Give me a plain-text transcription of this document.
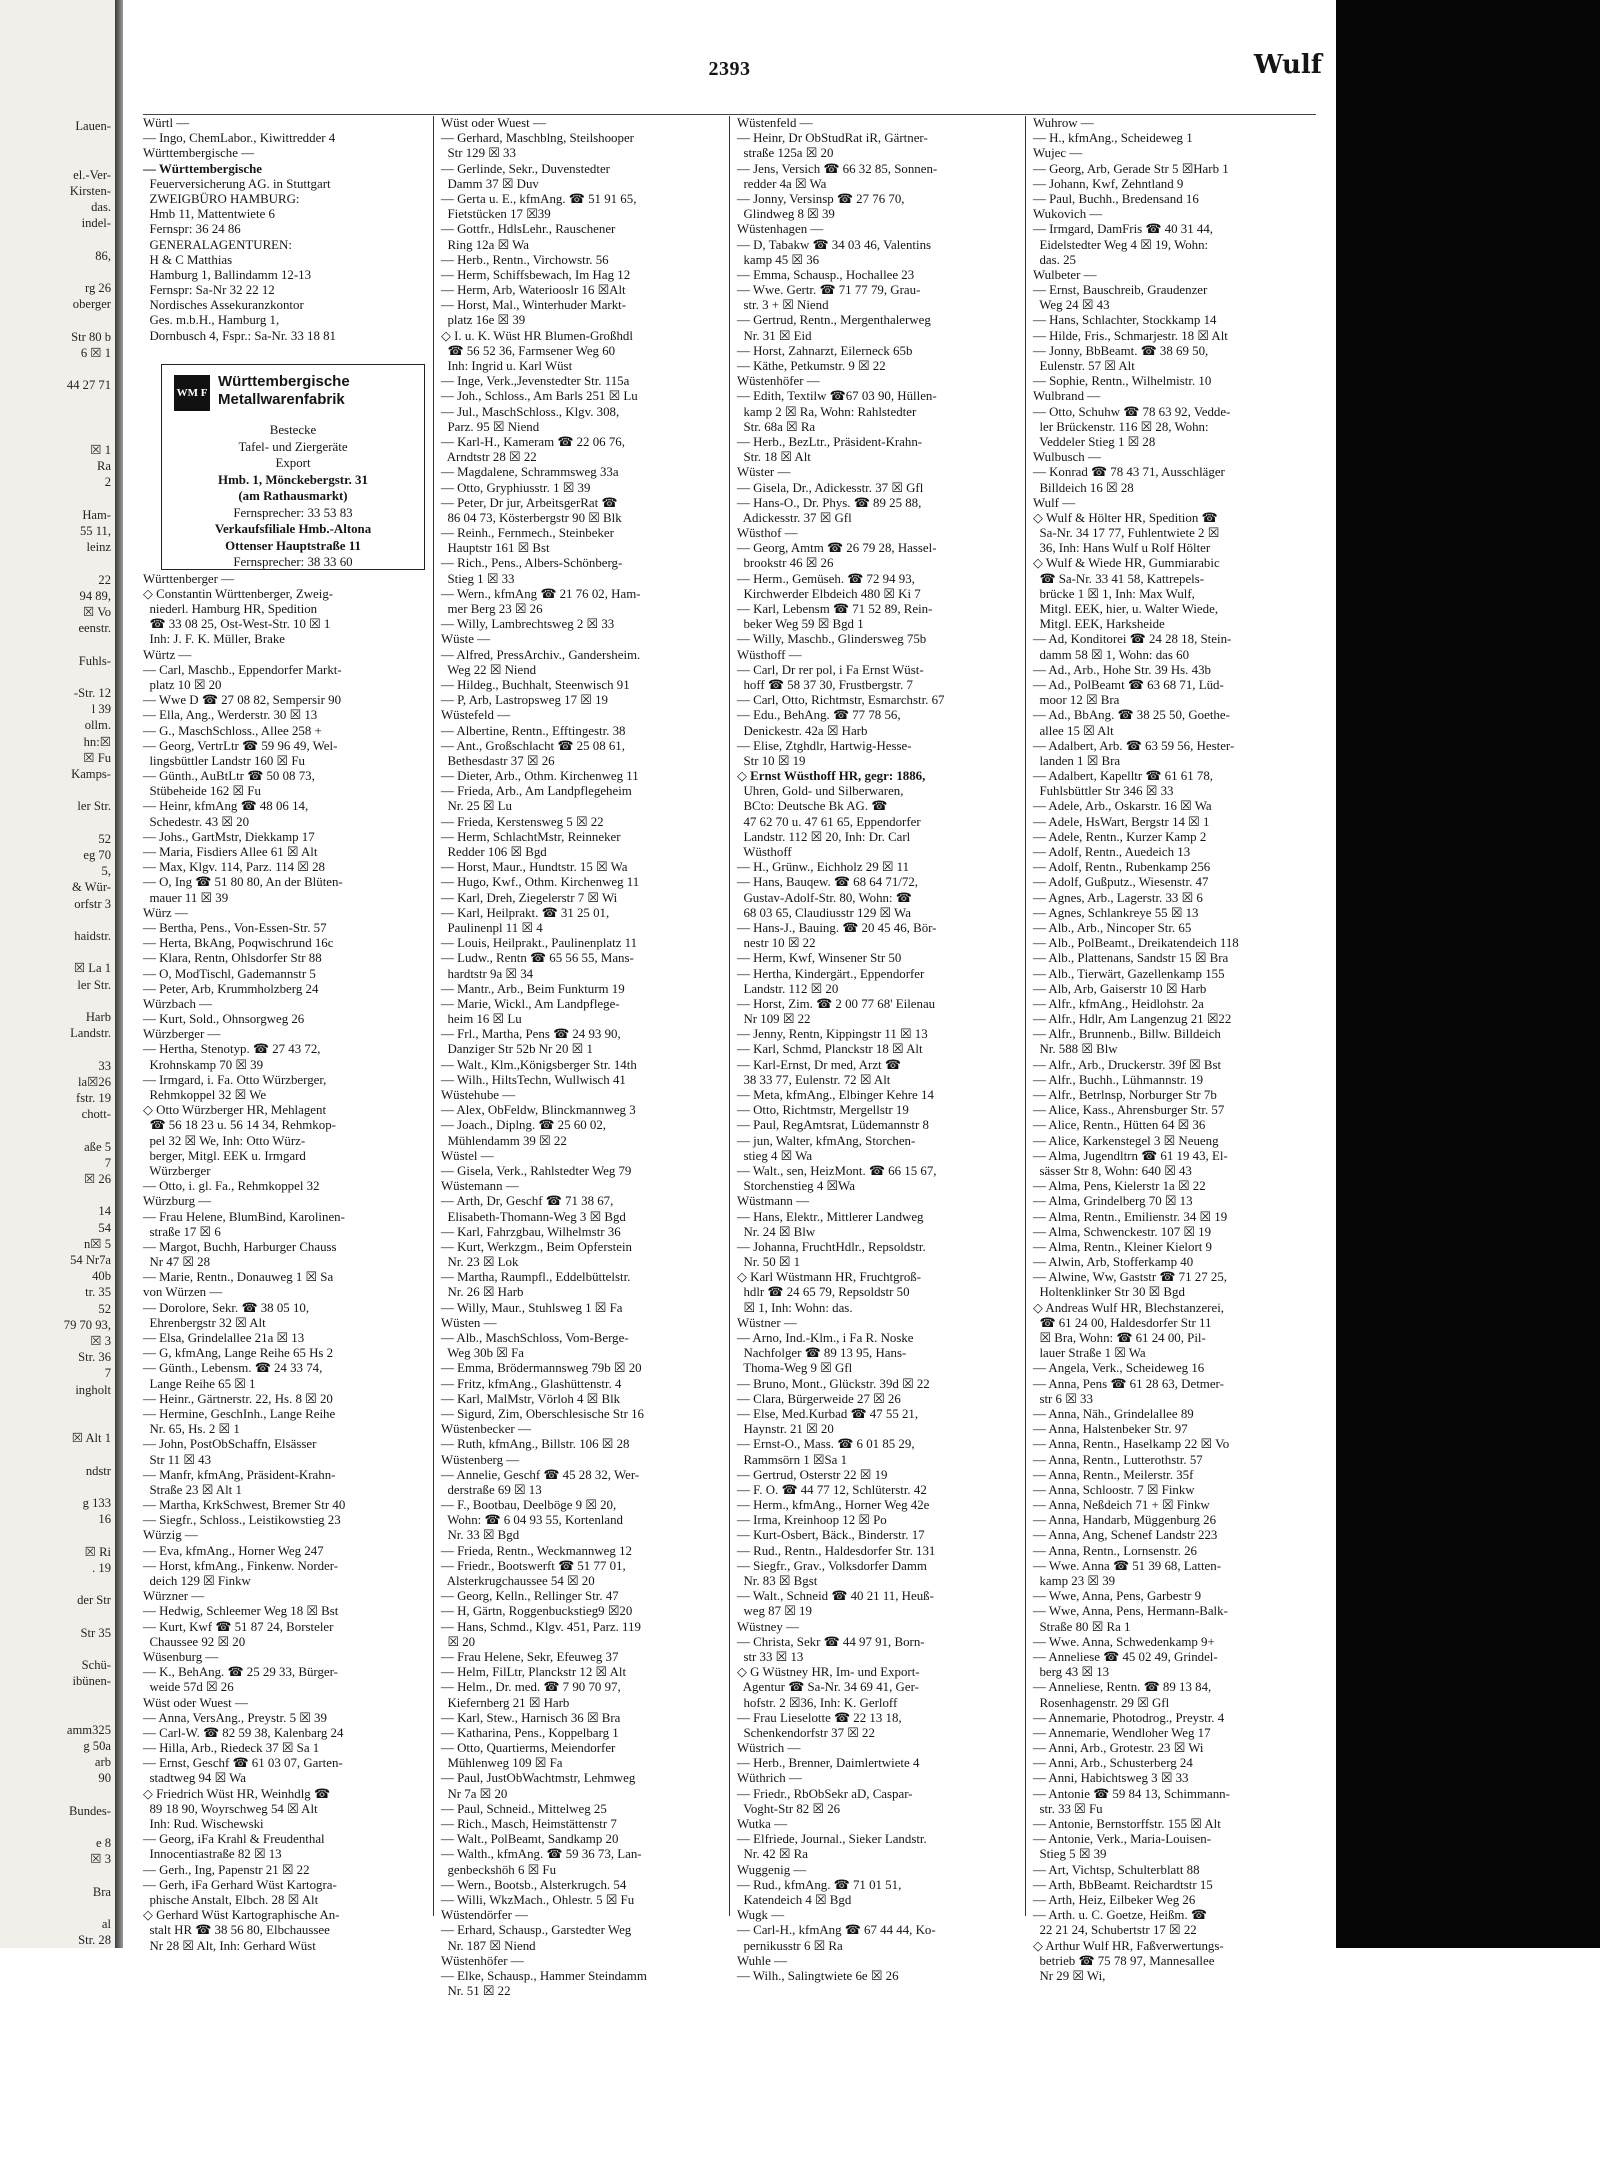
Lauen-
el.-Ver-
Kirsten-
das.
indel-
86,
rg 26
oberger
Str 80 b
6 ☒ 1
44 27 71
☒ 1
Ra
2
Ham-
55 11,
leinz
22
94 89,
☒ Vo
eenstr.
Fuhls-
-Str. 12
l 39
ollm.
hn:☒
☒ Fu
Kamps-
ler Str.
52
eg 70
5,
& Wür-
orfstr 3
haidstr.
☒ La 1
ler Str.
Harb
Landstr.
33
la☒26
fstr. 19
chott-
aße 5
7
☒ 26
14
54
n☒ 5
54 Nr7a
40b
tr. 35
52
79 70 93,
☒ 3
Str. 36
7
ingholt
☒ Alt 1
ndstr
g 133
16
☒ Ri
. 19
der Str
Str 35
Schü-
ibünen-
amm325
g 50a
arb
90
Bundes-
e 8
☒ 3
Bra
al
Str. 28
2393	Wulf
Würtl —
— Ingo, ChemLabor., Kiwittredder 4
Württembergische —
— Württembergische
Feuerversicherung AG. in Stuttgart
ZWEIGBÜRO HAMBURG:
Hmb 11, Mattentwiete 6
Fernspr: 36 24 86
GENERALAGENTUREN:
H & C Matthias
Hamburg 1, Ballindamm 12-13
Fernspr: Sa-Nr 32 22 12
Nordisches Assekuranzkontor
Ges. m.b.H., Hamburg 1,
Dornbusch 4, Fspr.: Sa-Nr. 33 18 81
Württenberger —
◇ Constantin Württenberger, Zweig-
niederl. Hamburg HR, Spedition
☎ 33 08 25, Ost-West-Str. 10 ☒ 1
Inh: J. F. K. Müller, Brake
Würtz —
— Carl, Maschb., Eppendorfer Markt-
platz 10 ☒ 20
— Wwe D ☎ 27 08 82, Sempersir 90
— Ella, Ang., Werderstr. 30 ☒ 13
— G., MaschSchloss., Allee 258 +
— Georg, VertrLtr ☎ 59 96 49, Wel-
lingsbüttler Landstr 160 ☒ Fu
— Günth., AuBtLtr ☎ 50 08 73,
Stübeheide 162 ☒ Fu
— Heinr, kfmAng ☎ 48 06 14,
Schedestr. 43 ☒ 20
— Johs., GartMstr, Diekkamp 17
— Maria, Fisdiers Allee 61 ☒ Alt
— Max, Klgv. 114, Parz. 114 ☒ 28
— O, Ing ☎ 51 80 80, An der Blüten-
mauer 11 ☒ 39
Würz —
— Bertha, Pens., Von-Essen-Str. 57
— Herta, BkAng, Poqwischrund 16c
— Klara, Rentn, Ohlsdorfer Str 88
— O, ModTischl, Gademannstr 5
— Peter, Arb, Krummholzberg 24
Würzbach —
— Kurt, Sold., Ohnsorgweg 26
Würzberger —
— Hertha, Stenotyp. ☎ 27 43 72,
Krohnskamp 70 ☒ 39
— Irmgard, i. Fa. Otto Würzberger,
Rehmkoppel 32 ☒ We
◇ Otto Würzberger HR, Mehlagent
☎ 56 18 23 u. 56 14 34, Rehmkop-
pel 32 ☒ We, Inh: Otto Würz-
berger, Mitgl. EEK u. Irmgard
Würzberger
— Otto, i. gl. Fa., Rehmkoppel 32
Würzburg —
— Frau Helene, BlumBind, Karolinen-
straße 17 ☒ 6
— Margot, Buchh, Harburger Chauss
Nr 47 ☒ 28
— Marie, Rentn., Donauweg 1 ☒ Sa
von Würzen —
— Dorolore, Sekr. ☎ 38 05 10,
Ehrenbergstr 32 ☒ Alt
— Elsa, Grindelallee 21a ☒ 13
— G, kfmAng, Lange Reihe 65 Hs 2
— Günth., Lebensm. ☎ 24 33 74,
Lange Reihe 65 ☒ 1
— Heinr., Gärtnerstr. 22, Hs. 8 ☒ 20
— Hermine, GeschInh., Lange Reihe
Nr. 65, Hs. 2 ☒ 1
— John, PostObSchaffn, Elsässer
Str 11 ☒ 43
— Manfr, kfmAng, Präsident-Krahn-
Straße 23 ☒ Alt 1
— Martha, KrkSchwest, Bremer Str 40
— Siegfr., Schloss., Leistikowstieg 23
Würzig —
— Eva, kfmAng., Horner Weg 247
— Horst, kfmAng., Finkenw. Norder-
deich 129 ☒ Finkw
Würzner —
— Hedwig, Schleemer Weg 18 ☒ Bst
— Kurt, Kwf ☎ 51 87 24, Borsteler
Chaussee 92 ☒ 20
Wüsenburg —
— K., BehAng. ☎ 25 29 33, Bürger-
weide 57d ☒ 26
Wüst oder Wuest —
— Anna, VersAng., Preystr. 5 ☒ 39
— Carl-W. ☎ 82 59 38, Kalenbarg 24
— Hilla, Arb., Riedeck 37 ☒ Sa 1
— Ernst, Geschf ☎ 61 03 07, Garten-
stadtweg 94 ☒ Wa
◇ Friedrich Wüst HR, Weinhdlg ☎
89 18 90, Woyrschweg 54 ☒ Alt
Inh: Rud. Wischewski
— Georg, iFa Krahl & Freudenthal
Innocentiastraße 82 ☒ 13
— Gerh., Ing, Papenstr 21 ☒ 22
— Gerh, iFa Gerhard Wüst Kartogra-
phische Anstalt, Elbch. 28 ☒ Alt
◇ Gerhard Wüst Kartographische An-
stalt HR ☎ 38 56 80, Elbchaussee
Nr 28 ☒ Alt, Inh: Gerhard Wüst
Wüst oder Wuest —
— Gerhard, Maschblng, Steilshooper
Str 129 ☒ 33
— Gerlinde, Sekr., Duvenstedter
Damm 37 ☒ Duv
— Gerta u. E., kfmAng. ☎ 51 91 65,
Fietstücken 17 ☒39
— Gottfr., HdlsLehr., Rauschener
Ring 12a ☒ Wa
— Herb., Rentn., Virchowstr. 56
— Herm, Schiffsbewach, Im Hag 12
— Herm, Arb, Wateriooslr 16 ☒Alt
— Horst, Mal., Winterhuder Markt-
platz 16e ☒ 39
◇ I. u. K. Wüst HR Blumen-Großhdl
☎ 56 52 36, Farmsener Weg 60
Inh: Ingrid u. Karl Wüst
— Inge, Verk.,Jevenstedter Str. 115a
— Joh., Schloss., Am Barls 251 ☒ Lu
— Jul., MaschSchloss., Klgv. 308,
Parz. 95 ☒ Niend
— Karl-H., Kameram ☎ 22 06 76,
Arndtstr 28 ☒ 22
— Magdalene, Schrammsweg 33a
— Otto, Gryphiusstr. 1 ☒ 39
— Peter, Dr jur, ArbeitsgerRat ☎
86 04 73, Kösterbergstr 90 ☒ Blk
— Reinh., Fernmech., Steinbeker
Hauptstr 161 ☒ Bst
— Rich., Pens., Albers-Schönberg-
Stieg 1 ☒ 33
— Wern., kfmAng ☎ 21 76 02, Ham-
mer Berg 23 ☒ 26
— Willy, Lambrechtsweg 2 ☒ 33
Wüste —
— Alfred, PressArchiv., Gandersheim.
Weg 22 ☒ Niend
— Hildeg., Buchhalt, Steenwisch 91
— P, Arb, Lastropsweg 17 ☒ 19
Wüstefeld —
— Albertine, Rentn., Efftingestr. 38
— Ant., Großschlacht ☎ 25 08 61,
Bethesdastr 37 ☒ 26
— Dieter, Arb., Othm. Kirchenweg 11
— Frieda, Arb., Am Landpflegeheim
Nr. 25 ☒ Lu
— Frieda, Kerstensweg 5 ☒ 22
— Herm, SchlachtMstr, Reinneker
Redder 106 ☒ Bgd
— Horst, Maur., Hundtstr. 15 ☒ Wa
— Hugo, Kwf., Othm. Kirchenweg 11
— Karl, Dreh, Ziegelerstr 7 ☒ Wi
— Karl, Heilprakt. ☎ 31 25 01,
Paulinenpl 11 ☒ 4
— Louis, Heilprakt., Paulinenplatz 11
— Ludw., Rentn ☎ 65 56 55, Mans-
hardtstr 9a ☒ 34
— Mantr., Arb., Beim Funkturm 19
— Marie, Wickl., Am Landpflege-
heim 16 ☒ Lu
— Frl., Martha, Pens ☎ 24 93 90,
Danziger Str 52b Nr 20 ☒ 1
— Walt., Klm.,Königsberger Str. 14th
— Wilh., HiltsTechn, Wullwisch 41
Wüstehube —
— Alex, ObFeldw, Blinckmannweg 3
— Joach., Diplng. ☎ 25 60 02,
Mühlendamm 39 ☒ 22
Wüstel —
— Gisela, Verk., Rahlstedter Weg 79
Wüstemann —
— Arth, Dr, Geschf ☎ 71 38 67,
Elisabeth-Thomann-Weg 3 ☒ Bgd
— Karl, Fahrzgbau, Wilhelmstr 36
— Kurt, Werkzgm., Beim Opferstein
Nr. 23 ☒ Lok
— Martha, Raumpfl., Eddelbüttelstr.
Nr. 26 ☒ Harb
— Willy, Maur., Stuhlsweg 1 ☒ Fa
Wüsten —
— Alb., MaschSchloss, Vom-Berge-
Weg 30b ☒ Fa
— Emma, Brödermannsweg 79b ☒ 20
— Fritz, kfmAng., Glashüttenstr. 4
— Karl, MalMstr, Vörloh 4 ☒ Blk
— Sigurd, Zim, Oberschlesische Str 16
Wüstenbecker —
— Ruth, kfmAng., Billstr. 106 ☒ 28
Wüstenberg —
— Annelie, Geschf ☎ 45 28 32, Wer-
derstraße 69 ☒ 13
— F., Bootbau, Deelböge 9 ☒ 20,
Wohn: ☎ 6 04 93 55, Kortenland
Nr. 33 ☒ Bgd
— Frieda, Rentn., Weckmannweg 12
— Friedr., Bootswerft ☎ 51 77 01,
Alsterkrugchaussee 54 ☒ 20
— Georg, Kelln., Rellinger Str. 47
— H, Gärtn, Roggenbuckstieg9 ☒20
— Hans, Schmd., Klgv. 451, Parz. 119
☒ 20
— Frau Helene, Sekr, Efeuweg 37
— Helm, FilLtr, Planckstr 12 ☒ Alt
— Helm., Dr. med. ☎ 7 90 70 97,
Kiefernberg 21 ☒ Harb
— Karl, Stew., Harnisch 36 ☒ Bra
— Katharina, Pens., Koppelbarg 1
— Otto, Quartierms, Meiendorfer
Mühlenweg 109 ☒ Fa
— Paul, JustObWachtmstr, Lehmweg
Nr 7a ☒ 20
— Paul, Schneid., Mittelweg 25
— Rich., Masch, Heimstättenstr 7
— Walt., PolBeamt, Sandkamp 20
— Walth., kfmAng. ☎ 59 36 73, Lan-
genbeckshöh 6 ☒ Fu
— Wern., Bootsb., Alsterkrugch. 54
— Willi, WkzMach., Ohlestr. 5 ☒ Fu
Wüstendörfer —
— Erhard, Schausp., Garstedter Weg
Nr. 187 ☒ Niend
Wüstenhöfer —
— Elke, Schausp., Hammer Steindamm
Nr. 51 ☒ 22
Wüstenfeld —
— Heinr, Dr ObStudRat iR, Gärtner-
straße 125a ☒ 20
— Jens, Versich ☎ 66 32 85, Sonnen-
redder 4a ☒ Wa
— Jonny, Versinsp ☎ 27 76 70,
Glindweg 8 ☒ 39
Wüstenhagen —
— D, Tabakw ☎ 34 03 46, Valentins
kamp 45 ☒ 36
— Emma, Schausp., Hochallee 23
— Wwe. Gertr. ☎ 71 77 79, Grau-
str. 3 + ☒ Niend
— Gertrud, Rentn., Mergenthalerweg
Nr. 31 ☒ Eid
— Horst, Zahnarzt, Eilerneck 65b
— Käthe, Petkumstr. 9 ☒ 22
Wüstenhöfer —
— Edith, Textilw ☎67 03 90, Hüllen-
kamp 2 ☒ Ra, Wohn: Rahlstedter
Str. 68a ☒ Ra
— Herb., BezLtr., Präsident-Krahn-
Str. 18 ☒ Alt
Wüster —
— Gisela, Dr., Adickesstr. 37 ☒ Gfl
— Hans-O., Dr. Phys. ☎ 89 25 88,
Adickesstr. 37 ☒ Gfl
Wüsthof —
— Georg, Amtm ☎ 26 79 28, Hassel-
brookstr 46 ☒ 26
— Herm., Gemüseh. ☎ 72 94 93,
Kirchwerder Elbdeich 480 ☒ Ki 7
— Karl, Lebensm ☎ 71 52 89, Rein-
beker Weg 59 ☒ Bgd 1
— Willy, Maschb., Glindersweg 75b
Wüsthoff —
— Carl, Dr rer pol, i Fa Ernst Wüst-
hoff ☎ 58 37 30, Frustbergstr. 7
— Carl, Otto, Richtmstr, Esmarchstr. 67
— Edu., BehAng. ☎ 77 78 56,
Denickestr. 42a ☒ Harb
— Elise, Ztghdlr, Hartwig-Hesse-
Str 10 ☒ 19
◇ Ernst Wüsthoff HR, gegr: 1886,
Uhren, Gold- und Silberwaren,
BCto: Deutsche Bk AG. ☎
47 62 70 u. 47 61 65, Eppendorfer
Landstr. 112 ☒ 20, Inh: Dr. Carl
Wüsthoff
— H., Grünw., Eichholz 29 ☒ 11
— Hans, Bauqew. ☎ 68 64 71/72,
Gustav-Adolf-Str. 80, Wohn: ☎
68 03 65, Claudiusstr 129 ☒ Wa
— Hans-J., Bauing. ☎ 20 45 46, Bör-
nestr 10 ☒ 22
— Herm, Kwf, Winsener Str 50
— Hertha, Kindergärt., Eppendorfer
Landstr. 112 ☒ 20
— Horst, Zim. ☎ 2 00 77 68' Eilenau
Nr 109 ☒ 22
— Jenny, Rentn, Kippingstr 11 ☒ 13
— Karl, Schmd, Planckstr 18 ☒ Alt
— Karl-Ernst, Dr med, Arzt ☎
38 33 77, Eulenstr. 72 ☒ Alt
— Meta, kfmAng., Elbinger Kehre 14
— Otto, Richtmstr, Mergellstr 19
— Paul, RegAmtsrat, Lüdemannstr 8
— jun, Walter, kfmAng, Storchen-
stieg 4 ☒ Wa
— Walt., sen, HeizMont. ☎ 66 15 67,
Storchenstieg 4 ☒Wa
Wüstmann —
— Hans, Elektr., Mittlerer Landweg
Nr. 24 ☒ Blw
— Johanna, FruchtHdlr., Repsoldstr.
Nr. 50 ☒ 1
◇ Karl Wüstmann HR, Fruchtgroß-
hdlr ☎ 24 65 79, Repsoldstr 50
☒ 1, Inh: Wohn: das.
Wüstner —
— Arno, Ind.-Klm., i Fa R. Noske
Nachfolger ☎ 89 13 95, Hans-
Thoma-Weg 9 ☒ Gfl
— Bruno, Mont., Glückstr. 39d ☒ 22
— Clara, Bürgerweide 27 ☒ 26
— Else, Med.Kurbad ☎ 47 55 21,
Haynstr. 21 ☒ 20
— Ernst-O., Mass. ☎ 6 01 85 29,
Rammsörn 1 ☒Sa 1
— Gertrud, Osterstr 22 ☒ 19
— F. O. ☎ 44 77 12, Schlüterstr. 42
— Herm., kfmAng., Horner Weg 42e
— Irma, Kreinhoop 12 ☒ Po
— Kurt-Osbert, Bäck., Binderstr. 17
— Rud., Rentn., Haldesdorfer Str. 131
— Siegfr., Grav., Volksdorfer Damm
Nr. 83 ☒ Bgst
— Walt., Schneid ☎ 40 21 11, Heuß-
weg 87 ☒ 19
Wüstney —
— Christa, Sekr ☎ 44 97 91, Born-
str 33 ☒ 13
◇ G Wüstney HR, Im- und Export-
Agentur ☎ Sa-Nr. 34 69 41, Ger-
hofstr. 2 ☒36, Inh: K. Gerloff
— Frau Lieselotte ☎ 22 13 18,
Schenkendorfstr 37 ☒ 22
Wüstrich —
— Herb., Brenner, Daimlertwiete 4
Wüthrich —
— Friedr., RbObSekr aD, Caspar-
Voght-Str 82 ☒ 26
Wutka —
— Elfriede, Journal., Sieker Landstr.
Nr. 42 ☒ Ra
Wuggenig —
— Rud., kfmAng. ☎ 71 01 51,
Katendeich 4 ☒ Bgd
Wugk —
— Carl-H., kfmAng ☎ 67 44 44, Ko-
pernikusstr 6 ☒ Ra
Wuhle —
— Wilh., Salingtwiete 6e ☒ 26
Wuhrow —
— H., kfmAng., Scheideweg 1
Wujec —
— Georg, Arb, Gerade Str 5 ☒Harb 1
— Johann, Kwf, Zehntland 9
— Paul, Buchh., Bredensand 16
Wukovich —
— Irmgard, DamFris ☎ 40 31 44,
Eidelstedter Weg 4 ☒ 19, Wohn:
das. 25
Wulbeter —
— Ernst, Bauschreib, Graudenzer
Weg 24 ☒ 43
— Hans, Schlachter, Stockkamp 14
— Hilde, Fris., Schmarjestr. 18 ☒ Alt
— Jonny, BbBeamt. ☎ 38 69 50,
Eulenstr. 57 ☒ Alt
— Sophie, Rentn., Wilhelmistr. 10
Wulbrand —
— Otto, Schuhw ☎ 78 63 92, Vedde-
ler Brückenstr. 116 ☒ 28, Wohn:
Veddeler Stieg 1 ☒ 28
Wulbusch —
— Konrad ☎ 78 43 71, Ausschläger
Billdeich 16 ☒ 28
Wulf —
◇ Wulf & Hölter HR, Spedition ☎
Sa-Nr. 34 17 77, Fuhlentwiete 2 ☒
36, Inh: Hans Wulf u Rolf Hölter
◇ Wulf & Wiede HR, Gummiarabic
☎ Sa-Nr. 33 41 58, Kattrepels-
brücke 1 ☒ 1, Inh: Max Wulf,
Mitgl. EEK, hier, u. Walter Wiede,
Mitgl. EEK, Harksheide
— Ad, Konditorei ☎ 24 28 18, Stein-
damm 58 ☒ 1, Wohn: das 60
— Ad., Arb., Hohe Str. 39 Hs. 43b
— Ad., PolBeamt ☎ 63 68 71, Lüd-
moor 12 ☒ Bra
— Ad., BbAng. ☎ 38 25 50, Goethe-
allee 15 ☒ Alt
— Adalbert, Arb. ☎ 63 59 56, Hester-
landen 1 ☒ Bra
— Adalbert, Kapelltr ☎ 61 61 78,
Fuhlsbüttler Str 346 ☒ 33
— Adele, Arb., Oskarstr. 16 ☒ Wa
— Adele, HsWart, Bergstr 14 ☒ 1
— Adele, Rentn., Kurzer Kamp 2
— Adolf, Rentn., Auedeich 13
— Adolf, Rentn., Rubenkamp 256
— Adolf, Gußputz., Wiesenstr. 47
— Agnes, Arb., Lagerstr. 33 ☒ 6
— Agnes, Schlankreye 55 ☒ 13
— Alb., Arb., Nincoper Str. 65
— Alb., PolBeamt., Dreikatendeich 118
— Alb., Plattenans, Sandstr 15 ☒ Bra
— Alb., Tierwärt, Gazellenkamp 155
— Alb, Arb, Gaiserstr 10 ☒ Harb
— Alfr., kfmAng., Heidlohstr. 2a
— Alfr., Hdlr, Am Langenzug 21 ☒22
— Alfr., Brunnenb., Billw. Billdeich
Nr. 588 ☒ Blw
— Alfr., Arb., Druckerstr. 39f ☒ Bst
— Alfr., Buchh., Lühmannstr. 19
— Alfr., Betrlnsp, Norburger Str 7b
— Alice, Kass., Ahrensburger Str. 57
— Alice, Rentn., Hütten 64 ☒ 36
— Alice, Karkenstegel 3 ☒ Neueng
— Alma, Jugendltrn ☎ 61 19 43, El-
sässer Str 8, Wohn: 640 ☒ 43
— Alma, Pens, Kielerstr 1a ☒ 22
— Alma, Grindelberg 70 ☒ 13
— Alma, Rentn., Emilienstr. 34 ☒ 19
— Alma, Schwenckestr. 107 ☒ 19
— Alma, Rentn., Kleiner Kielort 9
— Alwin, Arb, Stofferkamp 40
— Alwine, Ww, Gaststr ☎ 71 27 25,
Holtenklinker Str 30 ☒ Bgd
◇ Andreas Wulf HR, Blechstanzerei,
☎ 61 24 00, Haldesdorfer Str 11
☒ Bra, Wohn: ☎ 61 24 00, Pil-
lauer Straße 1 ☒ Wa
— Angela, Verk., Scheideweg 16
— Anna, Pens ☎ 61 28 63, Detmer-
str 6 ☒ 33
— Anna, Näh., Grindelallee 89
— Anna, Halstenbeker Str. 97
— Anna, Rentn., Haselkamp 22 ☒ Vo
— Anna, Rentn., Lutterothstr. 57
— Anna, Rentn., Meilerstr. 35f
— Anna, Schloostr. 7 ☒ Finkw
— Anna, Neßdeich 71 + ☒ Finkw
— Anna, Handarb, Müggenburg 26
— Anna, Ang, Schenef Landstr 223
— Anna, Rentn., Lornsenstr. 26
— Wwe. Anna ☎ 51 39 68, Latten-
kamp 23 ☒ 39
— Wwe, Anna, Pens, Garbestr 9
— Wwe, Anna, Pens, Hermann-Balk-
Straße 80 ☒ Ra 1
— Wwe. Anna, Schwedenkamp 9+
— Anneliese ☎ 45 02 49, Grindel-
berg 43 ☒ 13
— Anneliese, Rentn. ☎ 89 13 84,
Rosenhagenstr. 29 ☒ Gfl
— Annemarie, Photodrog., Preystr. 4
— Annemarie, Wendloher Weg 17
— Anni, Arb., Grotestr. 23 ☒ Wi
— Anni, Arb., Schusterberg 24
— Anni, Habichtsweg 3 ☒ 33
— Antonie ☎ 59 84 13, Schimmann-
str. 33 ☒ Fu
— Antonie, Bernstorffstr. 155 ☒ Alt
— Antonie, Verk., Maria-Louisen-
Stieg 5 ☒ 39
— Art, Vichtsp, Schulterblatt 88
— Arth, BbBeamt. Reichardtstr 15
— Arth, Heiz, Eilbeker Weg 26
— Arth. u. C. Goetze, Heißm. ☎
22 21 24, Schubertstr 17 ☒ 22
◇ Arthur Wulf HR, Faßverwertungs-
betrieb ☎ 75 78 97, Mannesallee
Nr 29 ☒ Wi,
WM F
Württembergische
Metallwarenfabrik
Bestecke
Tafel- und Ziergeräte
Export
Hmb. 1, Mönckebergstr. 31
(am Rathausmarkt)
Fernsprecher: 33 53 83
Verkaufsfiliale Hmb.-Altona
Ottenser Hauptstraße 11
Fernsprecher: 38 33 60
